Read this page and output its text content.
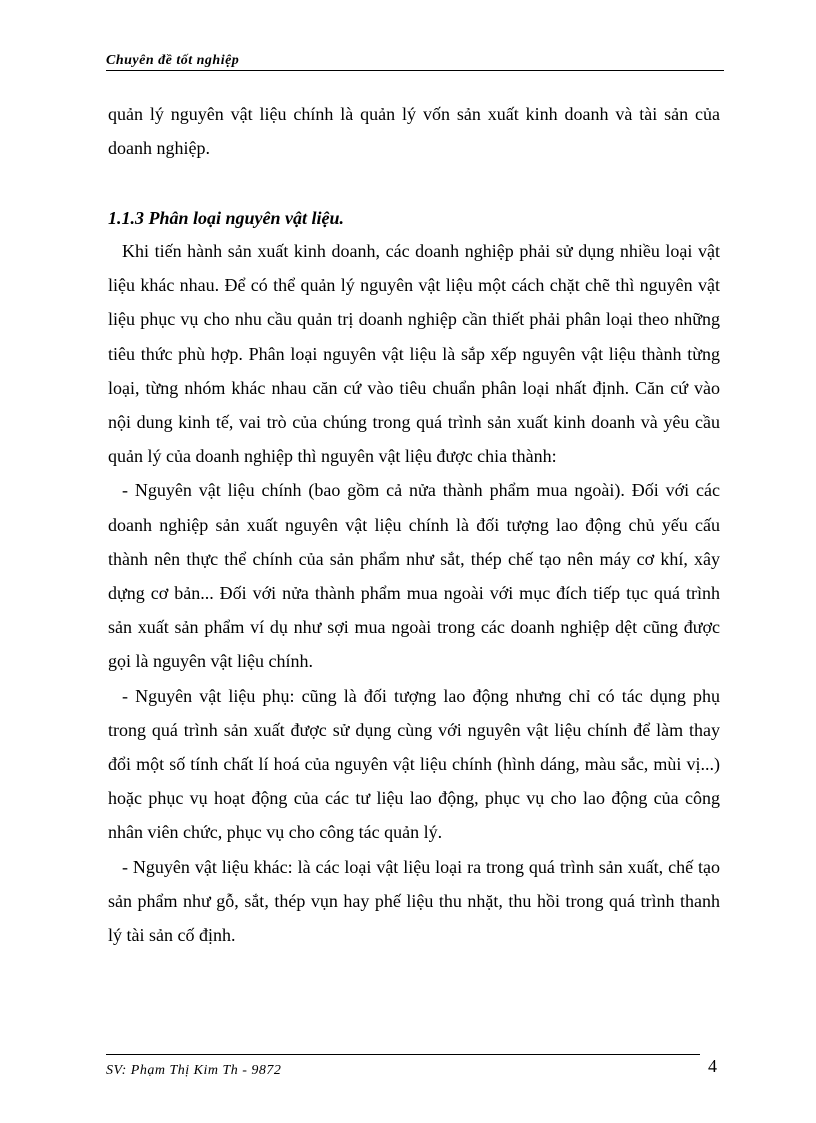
Chuyên đề tốt nghiệp

quản lý nguyên vật liệu chính là quản lý vốn sản xuất kinh doanh và tài sản của doanh nghiệp.

1.1.3 Phân loại nguyên vật liệu.

Khi tiến hành sản xuất kinh doanh, các doanh nghiệp phải sử dụng nhiều loại vật liệu khác nhau. Để có thể quản lý nguyên vật liệu một cách chặt chẽ thì nguyên vật liệu phục vụ cho nhu cầu quản trị doanh nghiệp cần thiết phải phân loại theo những tiêu thức phù hợp. Phân loại nguyên vật liệu là sắp xếp nguyên vật liệu thành từng loại, từng nhóm khác nhau căn cứ vào tiêu chuẩn phân loại nhất định. Căn cứ vào nội dung kinh tế, vai trò của chúng trong quá trình sản xuất kinh doanh và yêu cầu quản lý của doanh nghiệp thì nguyên vật liệu được chia thành:

- Nguyên vật liệu chính (bao gồm cả nửa thành phẩm mua ngoài). Đối với các doanh nghiệp sản xuất nguyên vật liệu chính là đối tượng lao động chủ yếu cấu thành nên thực thể chính của sản phẩm như sắt, thép chế tạo nên máy cơ khí, xây dựng cơ bản... Đối với nửa thành phẩm mua ngoài với mục đích tiếp tục quá trình sản xuất sản phẩm ví dụ như sợi mua ngoài trong các doanh nghiệp dệt cũng được gọi là nguyên vật liệu chính.

- Nguyên vật liệu phụ: cũng là đối tượng lao động nhưng chỉ có tác dụng phụ trong quá trình sản xuất được sử dụng cùng với nguyên vật liệu chính để làm thay đổi một số tính chất lí hoá của nguyên vật liệu chính (hình dáng, màu sắc, mùi vị...) hoặc phục vụ hoạt động của các tư liệu lao động, phục vụ cho lao động của công nhân viên chức, phục vụ cho công tác quản lý.

- Nguyên vật liệu khác: là các loại vật liệu loại ra trong quá trình sản xuất, chế tạo sản phẩm như gỗ, sắt, thép vụn hay phế liệu thu nhặt, thu hồi trong quá trình thanh lý tài sản cố định.

SV: Phạm Thị Kim Th - 9872	4
